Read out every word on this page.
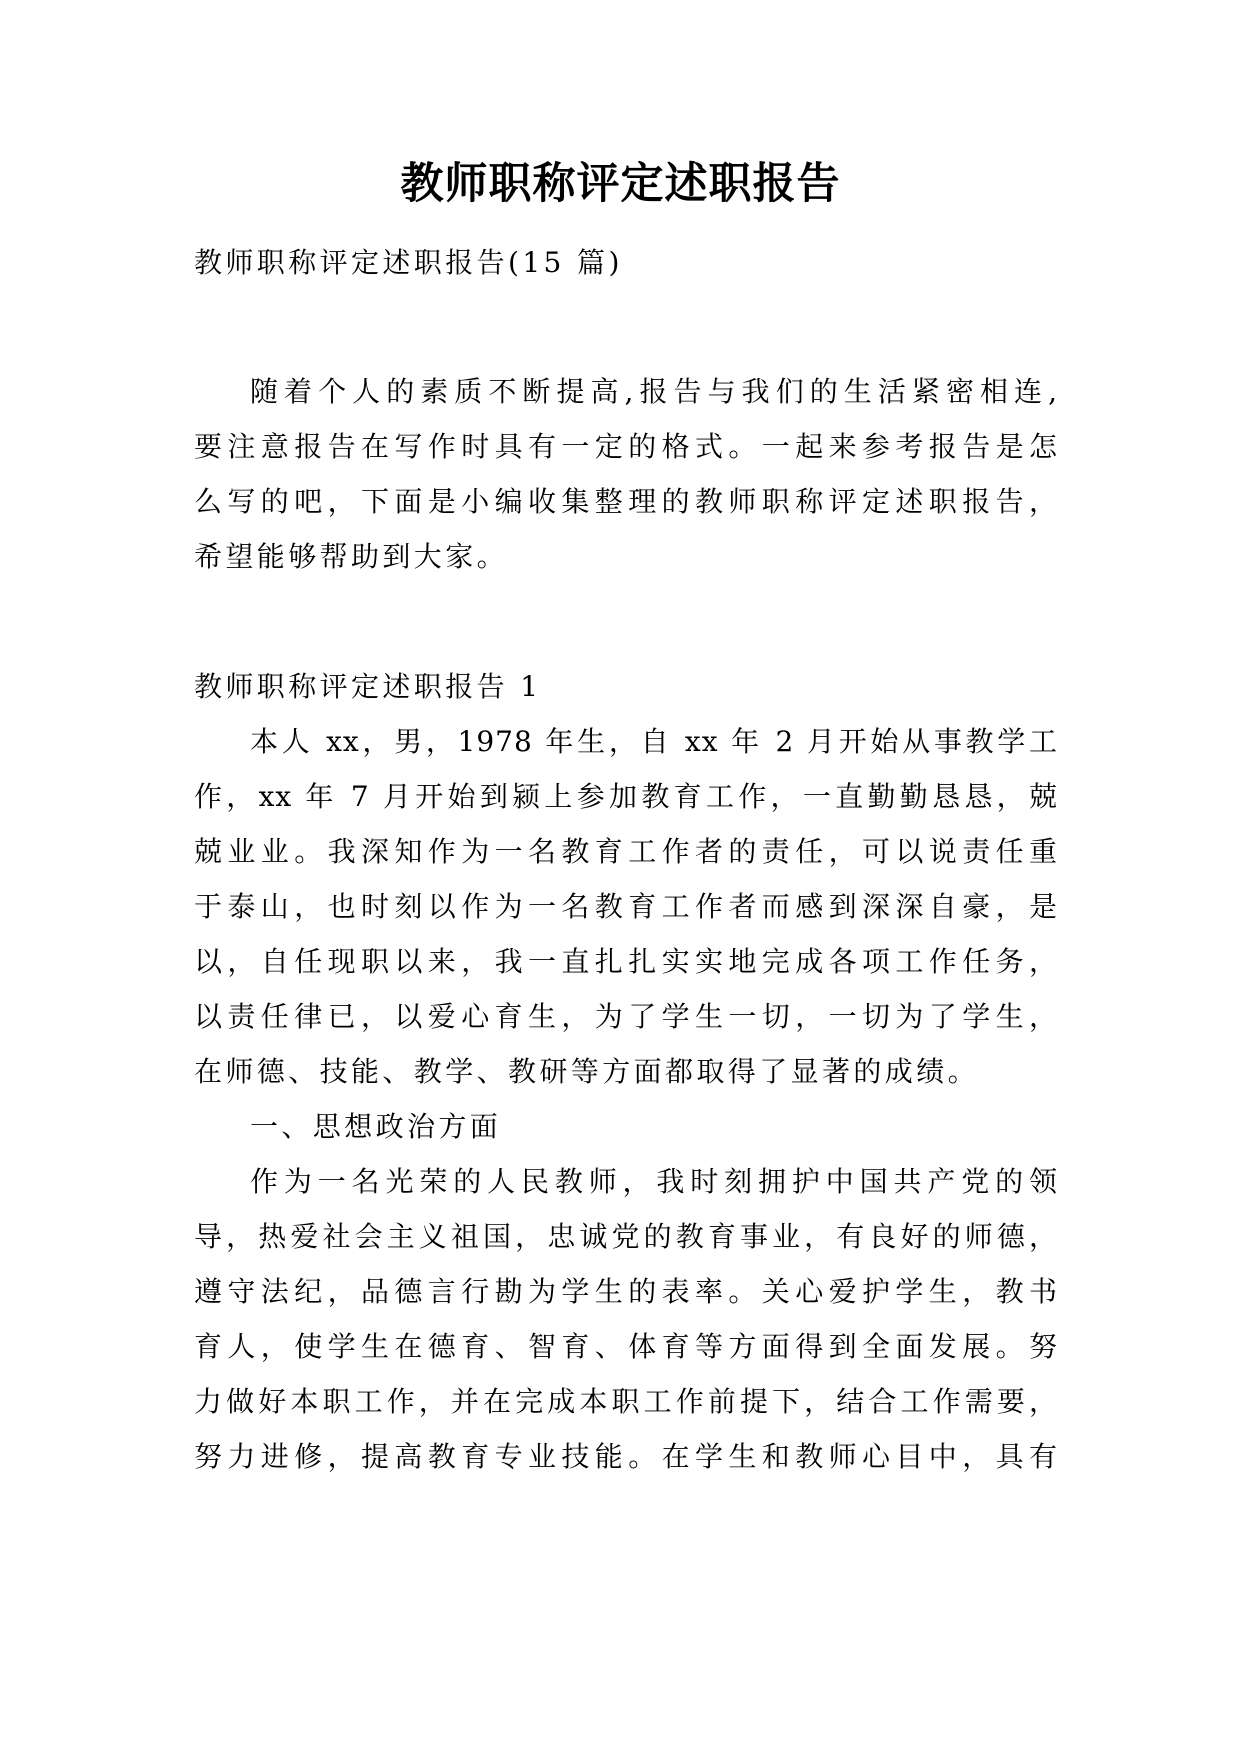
教师职称评定述职报告
教师职称评定述职报告(15 篇)
随着个人的素质不断提高,报告与我们的生活紧密相连,
要注意报告在写作时具有一定的格式。一起来参考报告是怎
么写的吧，下面是小编收集整理的教师职称评定述职报告，
希望能够帮助到大家。
教师职称评定述职报告 1
本人 xx，男，1978 年生，自 xx 年 2 月开始从事教学工
作，xx 年 7 月开始到颍上参加教育工作，一直勤勤恳恳，兢
兢业业。我深知作为一名教育工作者的责任，可以说责任重
于泰山，也时刻以作为一名教育工作者而感到深深自豪，是
以，自任现职以来，我一直扎扎实实地完成各项工作任务，
以责任律已，以爱心育生，为了学生一切，一切为了学生，
在师德、技能、教学、教研等方面都取得了显著的成绩。
一、思想政治方面
作为一名光荣的人民教师，我时刻拥护中国共产党的领
导，热爱社会主义祖国，忠诚党的教育事业，有良好的师德，
遵守法纪，品德言行勘为学生的表率。关心爱护学生，教书
育人，使学生在德育、智育、体育等方面得到全面发展。努
力做好本职工作，并在完成本职工作前提下，结合工作需要，
努力进修，提高教育专业技能。在学生和教师心目中，具有
